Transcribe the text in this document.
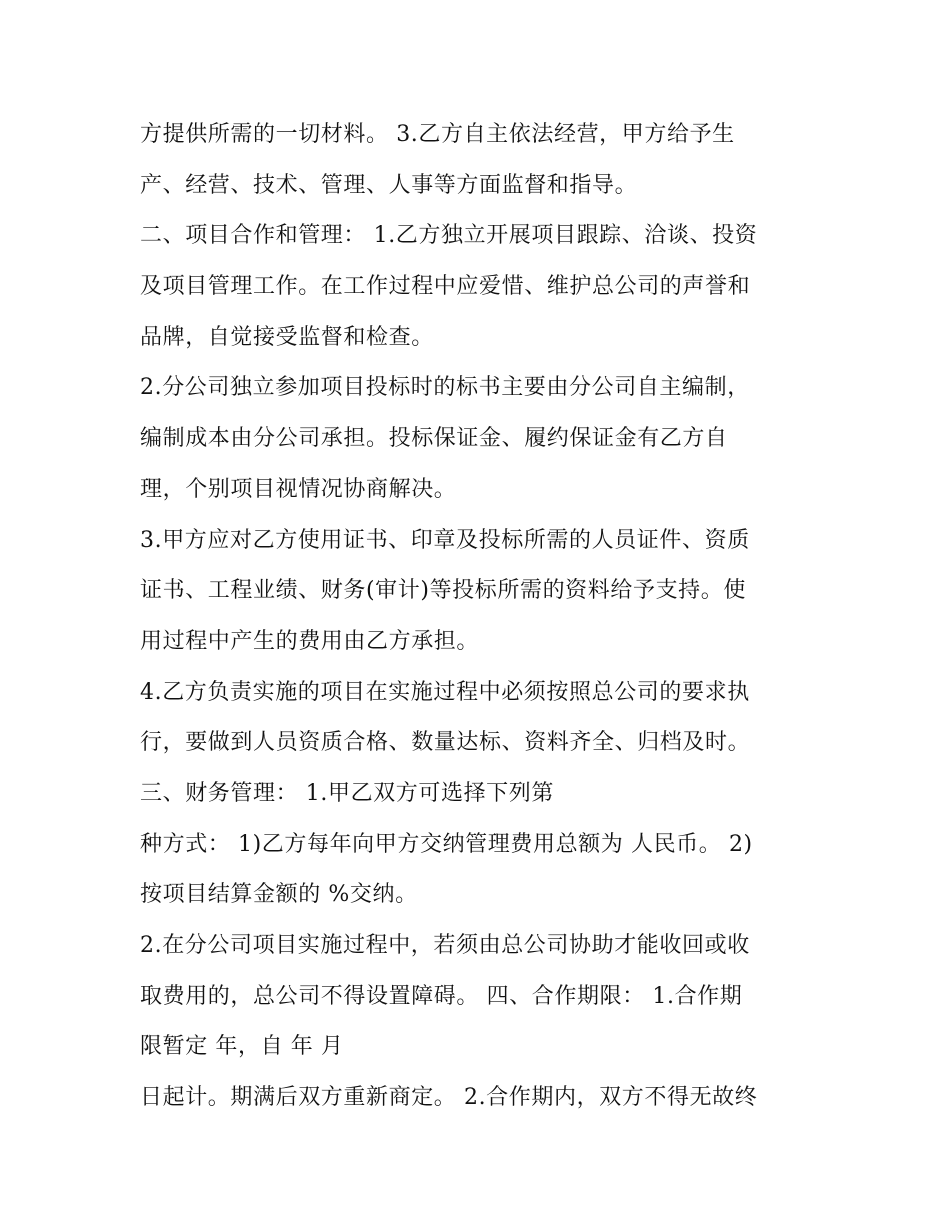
方提供所需的一切材料。 3.乙方自主依法经营，甲方给予生
产、经营、技术、管理、人事等方面监督和指导。
二、项目合作和管理： 1.乙方独立开展项目跟踪、洽谈、投资
及项目管理工作。在工作过程中应爱惜、维护总公司的声誉和
品牌，自觉接受监督和检查。
2.分公司独立参加项目投标时的标书主要由分公司自主编制，
编制成本由分公司承担。投标保证金、履约保证金有乙方自
理，个别项目视情况协商解决。
3.甲方应对乙方使用证书、印章及投标所需的人员证件、资质
证书、工程业绩、财务(审计)等投标所需的资料给予支持。使
用过程中产生的费用由乙方承担。
4.乙方负责实施的项目在实施过程中必须按照总公司的要求执
行，要做到人员资质合格、数量达标、资料齐全、归档及时。
三、财务管理： 1.甲乙双方可选择下列第
种方式： 1)乙方每年向甲方交纳管理费用总额为 人民币。 2)
按项目结算金额的 %交纳。
2.在分公司项目实施过程中，若须由总公司协助才能收回或收
取费用的，总公司不得设置障碍。 四、合作期限： 1.合作期
限暂定 年，自 年 月
日起计。期满后双方重新商定。 2.合作期内，双方不得无故终
